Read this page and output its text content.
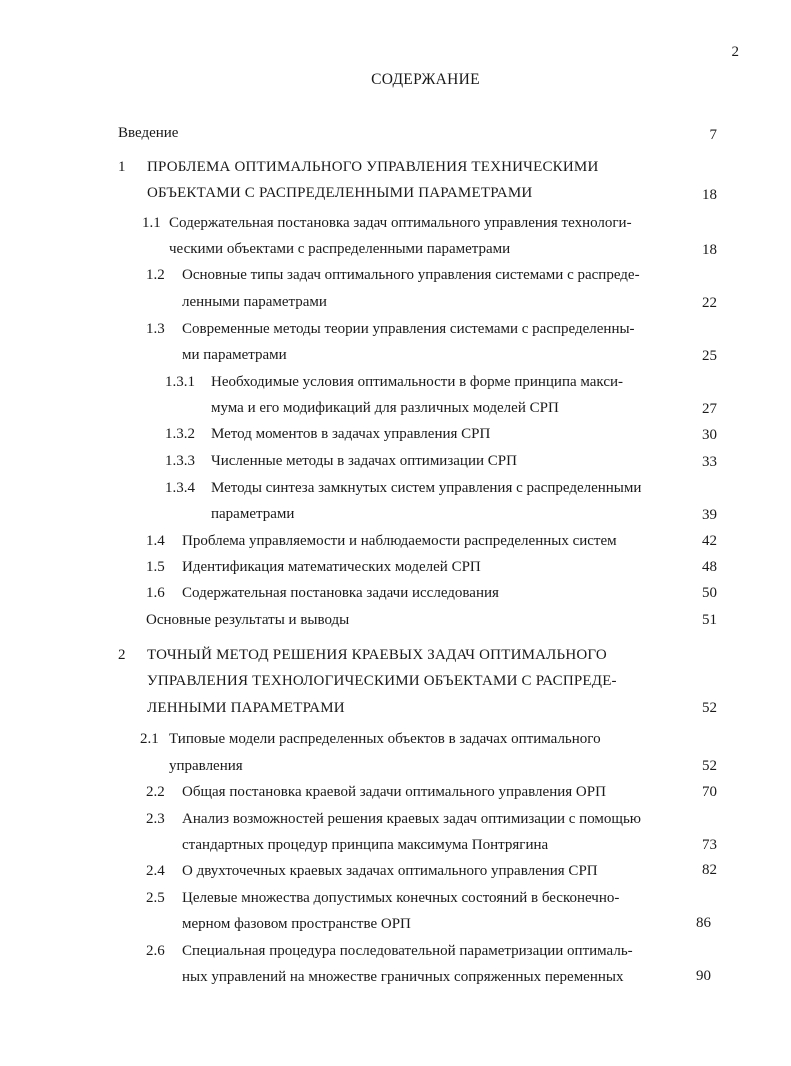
2
СОДЕРЖАНИЕ
Введение	7
1 ПРОБЛЕМА ОПТИМАЛЬНОГО УПРАВЛЕНИЯ ТЕХНИЧЕСКИМИ
ОБЪЕКТАМИ С РАСПРЕДЕЛЕННЫМИ ПАРАМЕТРАМИ	18
1.1 Содержательная постановка задач оптимального управления технологи-
ческими объектами с распределенными параметрами	18
1.2 Основные типы задач оптимального управления системами с распреде-
ленными параметрами	22
1.3 Современные методы теории управления системами с распределенны-
ми параметрами	25
1.3.1 Необходимые условия оптимальности в форме принципа макси-
мума и его модификаций для различных моделей СРП	27
1.3.2 Метод моментов в задачах управления СРП	30
1.3.3 Численные методы в задачах оптимизации СРП	33
1.3.4 Методы синтеза замкнутых систем управления с распределенными
параметрами	39
1.4 Проблема управляемости и наблюдаемости распределенных систем	42
1.5 Идентификация математических моделей СРП	48
1.6 Содержательная постановка задачи исследования	50
Основные результаты и выводы	51
2 ТОЧНЫЙ МЕТОД РЕШЕНИЯ КРАЕВЫХ ЗАДАЧ ОПТИМАЛЬНОГО
УПРАВЛЕНИЯ ТЕХНОЛОГИЧЕСКИМИ ОБЪЕКТАМИ С РАСПРЕДЕ-
ЛЕННЫМИ ПАРАМЕТРАМИ	52
2.1 Типовые модели распределенных объектов в задачах оптимального
управления	52
2.2 Общая постановка краевой задачи оптимального управления ОРП	70
2.3 Анализ возможностей решения краевых задач оптимизации с помощью
стандартных процедур принципа максимума Понтрягина	73
2.4 О двухточечных краевых задачах оптимального управления СРП	82
2.5 Целевые множества допустимых конечных состояний в бесконечно-
мерном фазовом пространстве ОРП	86
2.6 Специальная процедура последовательной параметризации оптималь-
ных управлений на множестве граничных сопряженных переменных	90
